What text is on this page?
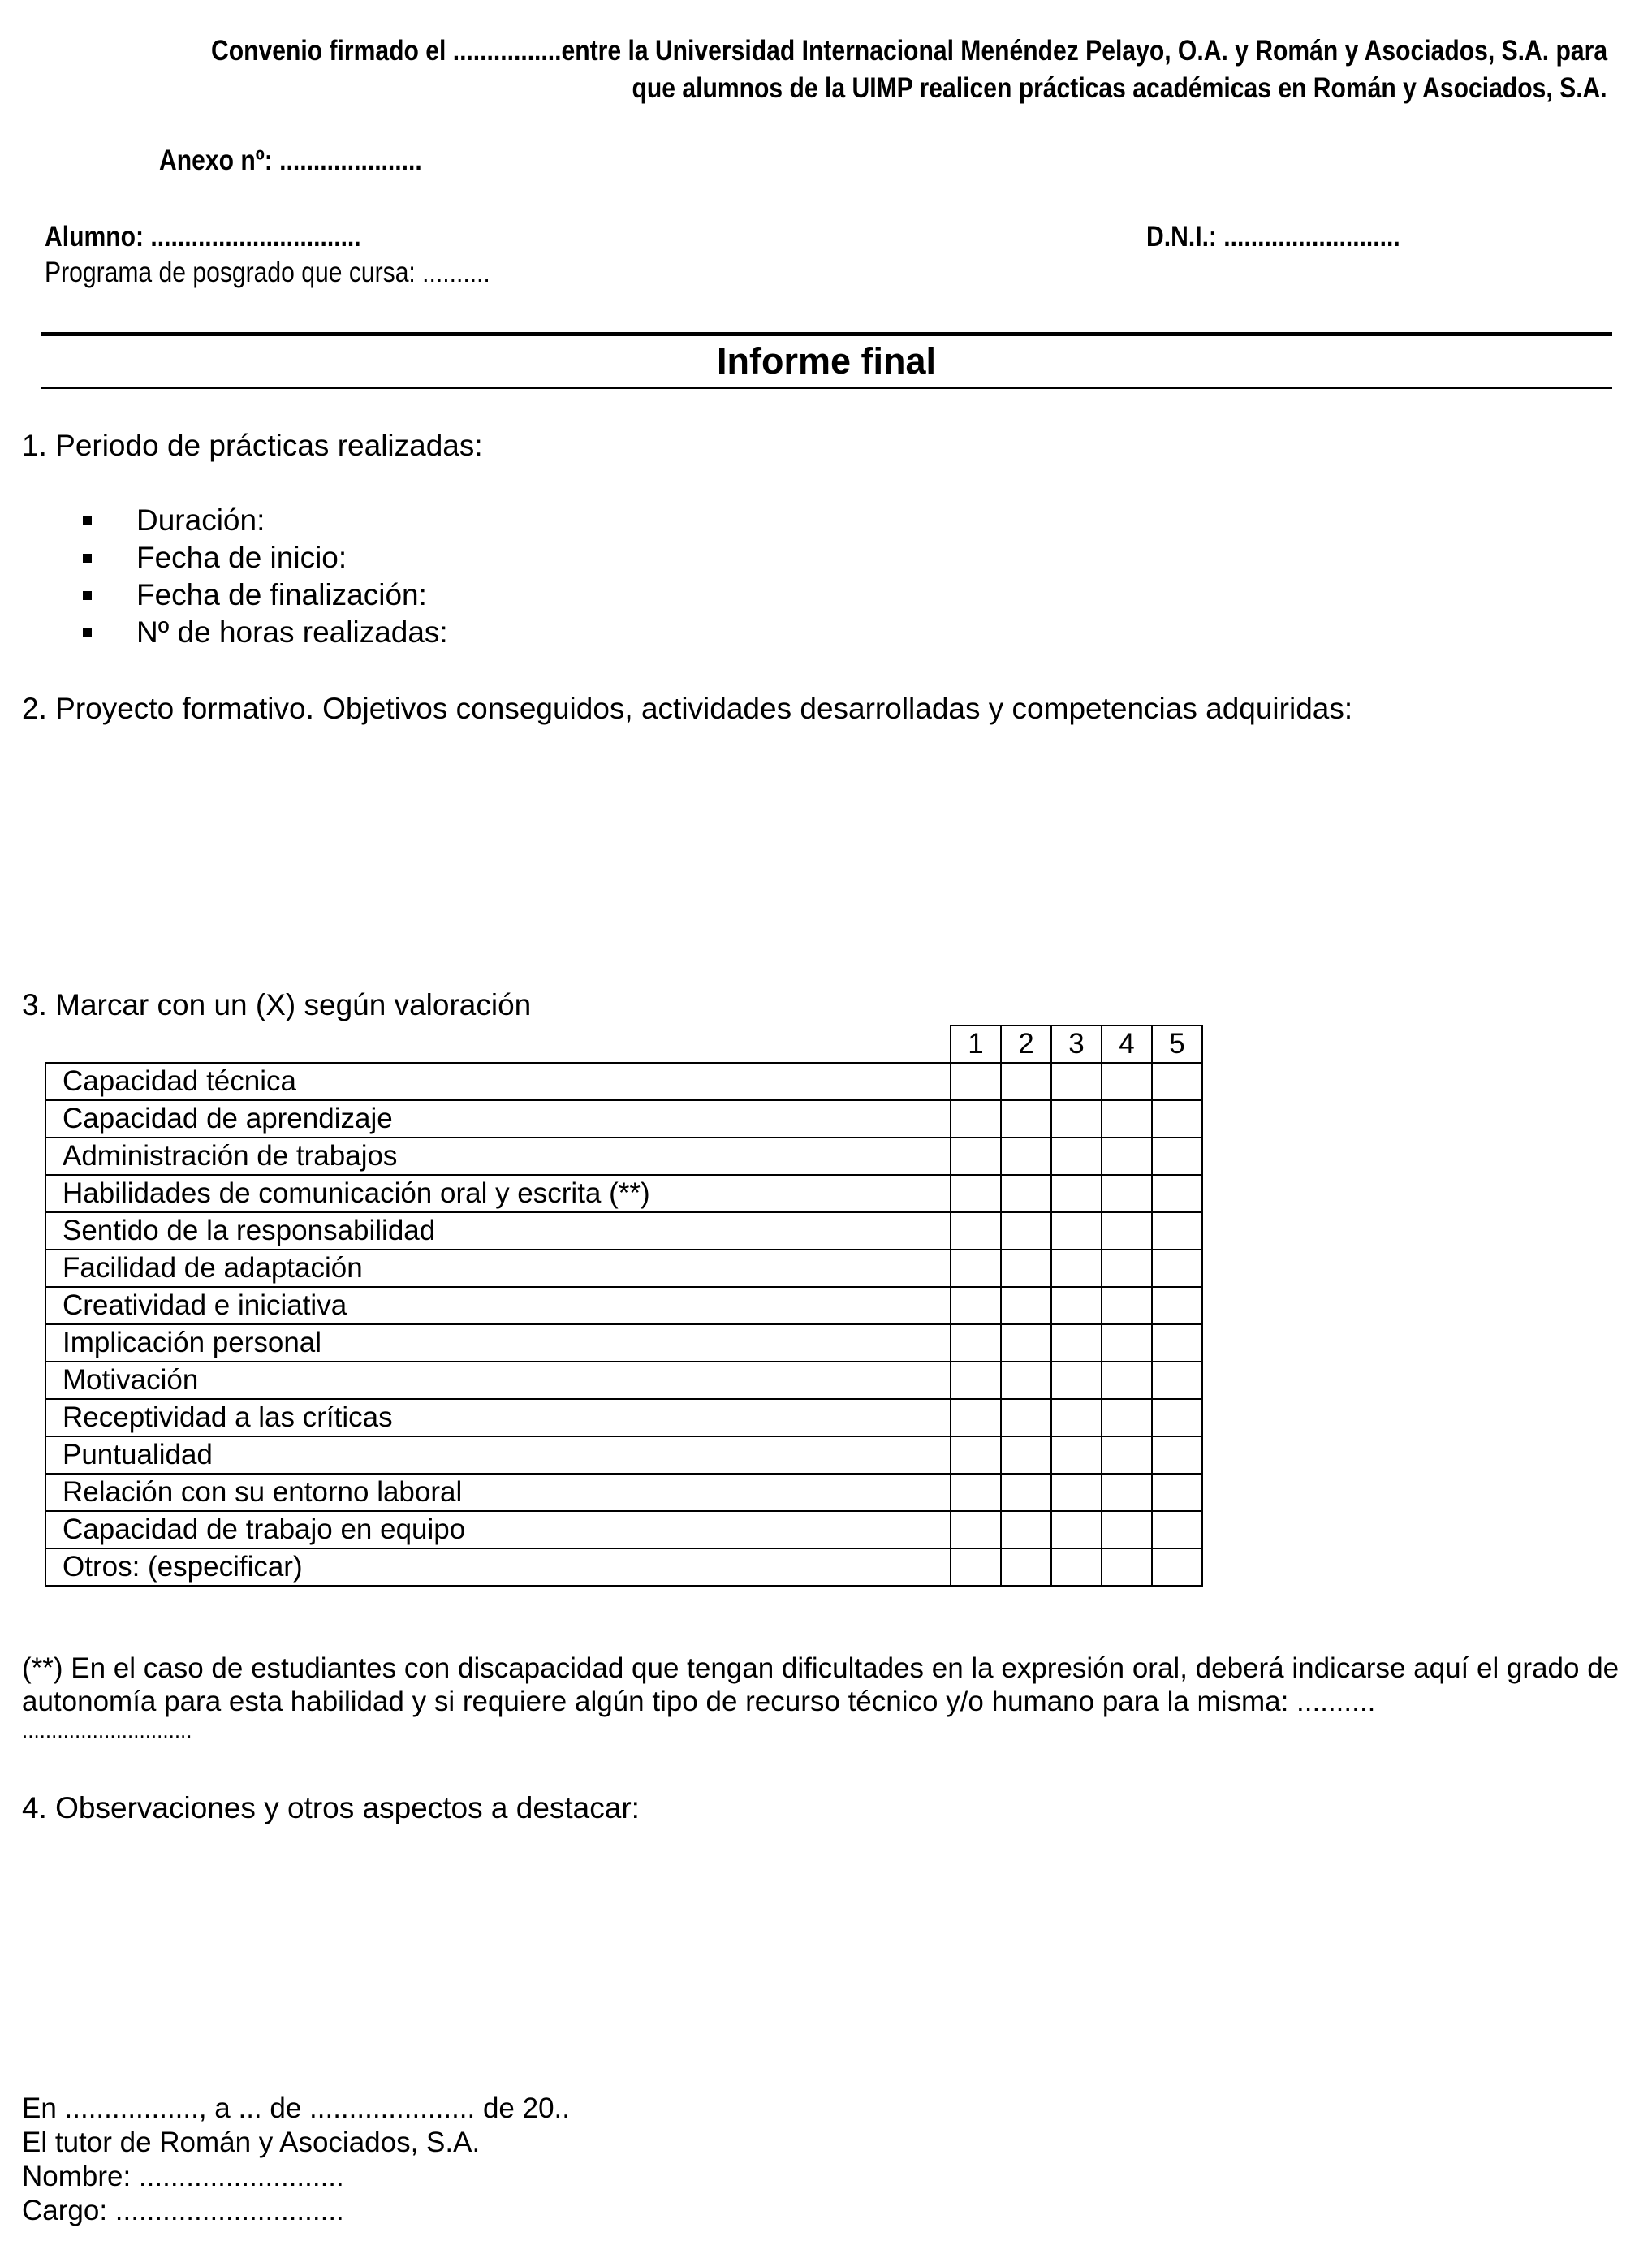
Convenio firmado el ................entre la Universidad Internacional Menéndez Pelayo, O.A. y Román y Asociados, S.A. para
que alumnos de la UIMP realicen prácticas académicas en Román y Asociados, S.A.
Anexo nº: .....................
Alumno: ...............................	D.N.I.: ..........................
Programa de posgrado que cursa: ..........
Informe final
1. Periodo de prácticas realizadas:
Duración:
Fecha de inicio:
Fecha de finalización:
Nº de horas realizadas:
2. Proyecto formativo. Objetivos conseguidos, actividades desarrolladas y competencias adquiridas:
3. Marcar con un (X) según valoración
	1	2	3	4	5
Capacidad técnica					
Capacidad de aprendizaje					
Administración de trabajos					
Habilidades de comunicación oral y escrita (**)					
Sentido de la responsabilidad					
Facilidad de adaptación					
Creatividad e iniciativa					
Implicación personal					
Motivación					
Receptividad a las críticas					
Puntualidad					
Relación con su entorno laboral					
Capacidad de trabajo en equipo					
Otros: (especificar)					
(**) En el caso de estudiantes con discapacidad que tengan dificultades en la expresión oral, deberá indicarse aquí el grado de
autonomía para esta habilidad y si requiere algún tipo de recurso técnico y/o humano para la misma: ..........
.............................
4. Observaciones y otros aspectos a destacar:
En ................., a ... de ..................... de 20..
El tutor de Román y Asociados, S.A.
Nombre: ..........................
Cargo: .............................
